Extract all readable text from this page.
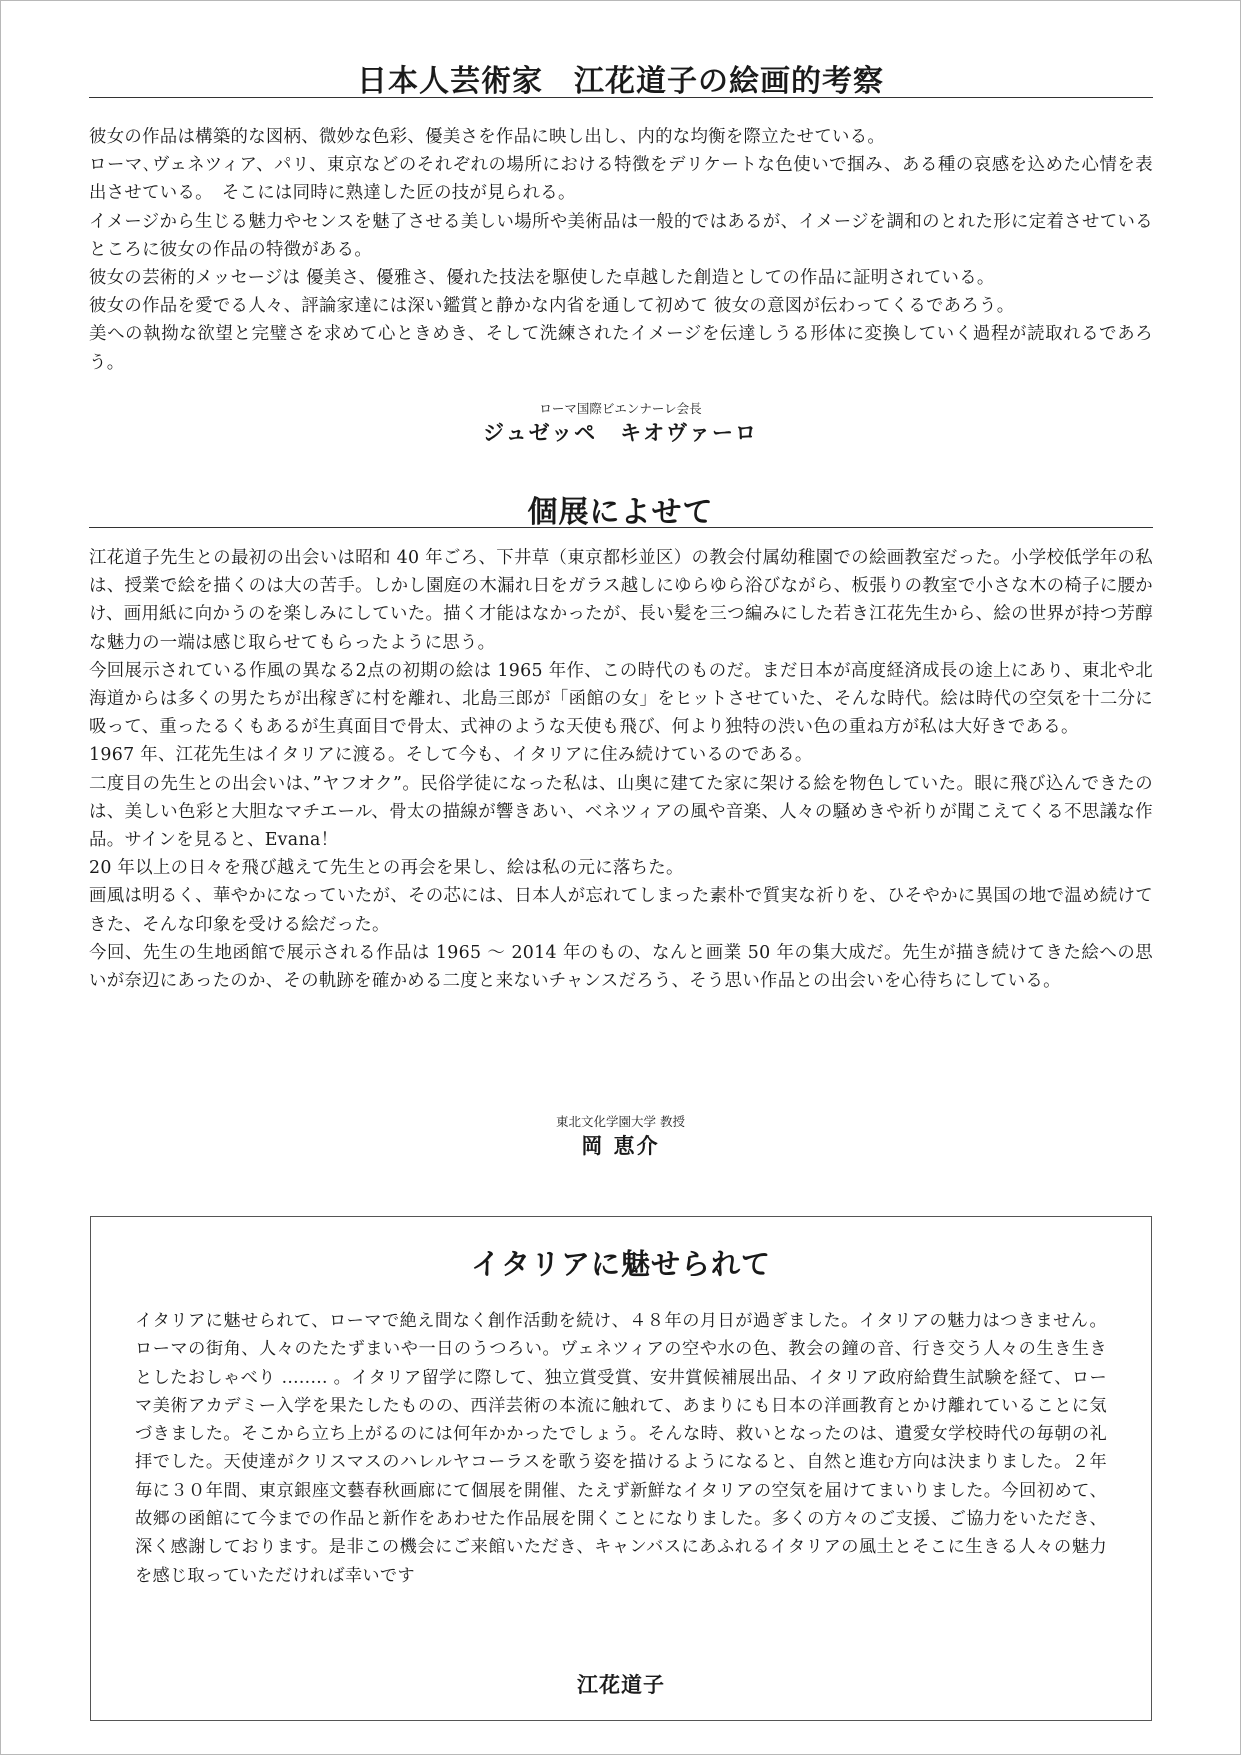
日本人芸術家　江花道子の絵画的考察

彼女の作品は構築的な図柄、微妙な色彩、優美さを作品に映し出し、内的な均衡を際立たせている。

ローマ､ヴェネツィア、パリ、東京などのそれぞれの場所における特徴をデリケートな色使いで掴み、ある種の哀感を込めた心情を表出させている。　そこには同時に熟達した匠の技が見られる。

イメージから生じる魅力やセンスを魅了させる美しい場所や美術品は一般的ではあるが、イメージを調和のとれた形に定着させているところに彼女の作品の特徴がある。

彼女の芸術的メッセージは 優美さ、優雅さ、優れた技法を駆使した卓越した創造としての作品に証明されている。

彼女の作品を愛でる人々、評論家達には深い鑑賞と静かな内省を通して初めて 彼女の意図が伝わってくるであろう。

美への執拗な欲望と完璧さを求めて心ときめき、そして洗練されたイメージを伝達しうる形体に変換していく過程が読取れるであろう。

ローマ国際ビエンナーレ会長
ジュゼッペ　キオヴァーロ
個展によせて

江花道子先生との最初の出会いは昭和 40 年ごろ、下井草（東京都杉並区）の教会付属幼稚園での絵画教室だった。小学校低学年の私は、授業で絵を描くのは大の苦手。しかし園庭の木漏れ日をガラス越しにゆらゆら浴びながら、板張りの教室で小さな木の椅子に腰かけ、画用紙に向かうのを楽しみにしていた。描く才能はなかったが、長い髪を三つ編みにした若き江花先生から、絵の世界が持つ芳醇な魅力の一端は感じ取らせてもらったように思う。

今回展示されている作風の異なる2点の初期の絵は 1965 年作、この時代のものだ。まだ日本が高度経済成長の途上にあり、東北や北海道からは多くの男たちが出稼ぎに村を離れ、北島三郎が「函館の女」をヒットさせていた、そんな時代。絵は時代の空気を十二分に吸って、重ったるくもあるが生真面目で骨太、式神のような天使も飛び、何より独特の渋い色の重ね方が私は大好きである。

1967 年、江花先生はイタリアに渡る。そして今も、イタリアに住み続けているのである。

二度目の先生との出会いは、”ヤフオク”。民俗学徒になった私は、山奥に建てた家に架ける絵を物色していた。眼に飛び込んできたのは、美しい色彩と大胆なマチエール、骨太の描線が響きあい、ベネツィアの風や音楽、人々の騒めきや祈りが聞こえてくる不思議な作品。サインを見ると、Evana！

20 年以上の日々を飛び越えて先生との再会を果し、絵は私の元に落ちた。

画風は明るく、華やかになっていたが、その芯には、日本人が忘れてしまった素朴で質実な祈りを、ひそやかに異国の地で温め続けてきた、そんな印象を受ける絵だった。

今回、先生の生地函館で展示される作品は 1965 ～ 2014 年のもの、なんと画業 50 年の集大成だ。先生が描き続けてきた絵への思いが奈辺にあったのか、その軌跡を確かめる二度と来ないチャンスだろう、そう思い作品との出会いを心待ちにしている。

東北文化学園大学 教授
岡 恵介
イタリアに魅せられて

イタリアに魅せられて、ローマで絶え間なく創作活動を続け、４８年の月日が過ぎました。イタリアの魅力はつきません。ローマの街角、人々のたたずまいや一日のうつろい。ヴェネツィアの空や水の色、教会の鐘の音、行き交う人々の生き生きとしたおしゃべり ........ 。イタリア留学に際して、独立賞受賞、安井賞候補展出品、イタリア政府給費生試験を経て、ローマ美術アカデミー入学を果たしたものの、西洋芸術の本流に触れて、あまりにも日本の洋画教育とかけ離れていることに気づきました。そこから立ち上がるのには何年かかったでしょう。そんな時、救いとなったのは、遺愛女学校時代の毎朝の礼拝でした。天使達がクリスマスのハレルヤコーラスを歌う姿を描けるようになると、自然と進む方向は決まりました。２年毎に３０年間、東京銀座文藝春秋画廊にて個展を開催、たえず新鮮なイタリアの空気を届けてまいりました。今回初めて、故郷の函館にて今までの作品と新作をあわせた作品展を開くことになりました。多くの方々のご支援、ご協力をいただき、深く感謝しております。是非この機会にご来館いただき、キャンバスにあふれるイタリアの風土とそこに生きる人々の魅力を感じ取っていただければ幸いです

江花道子
